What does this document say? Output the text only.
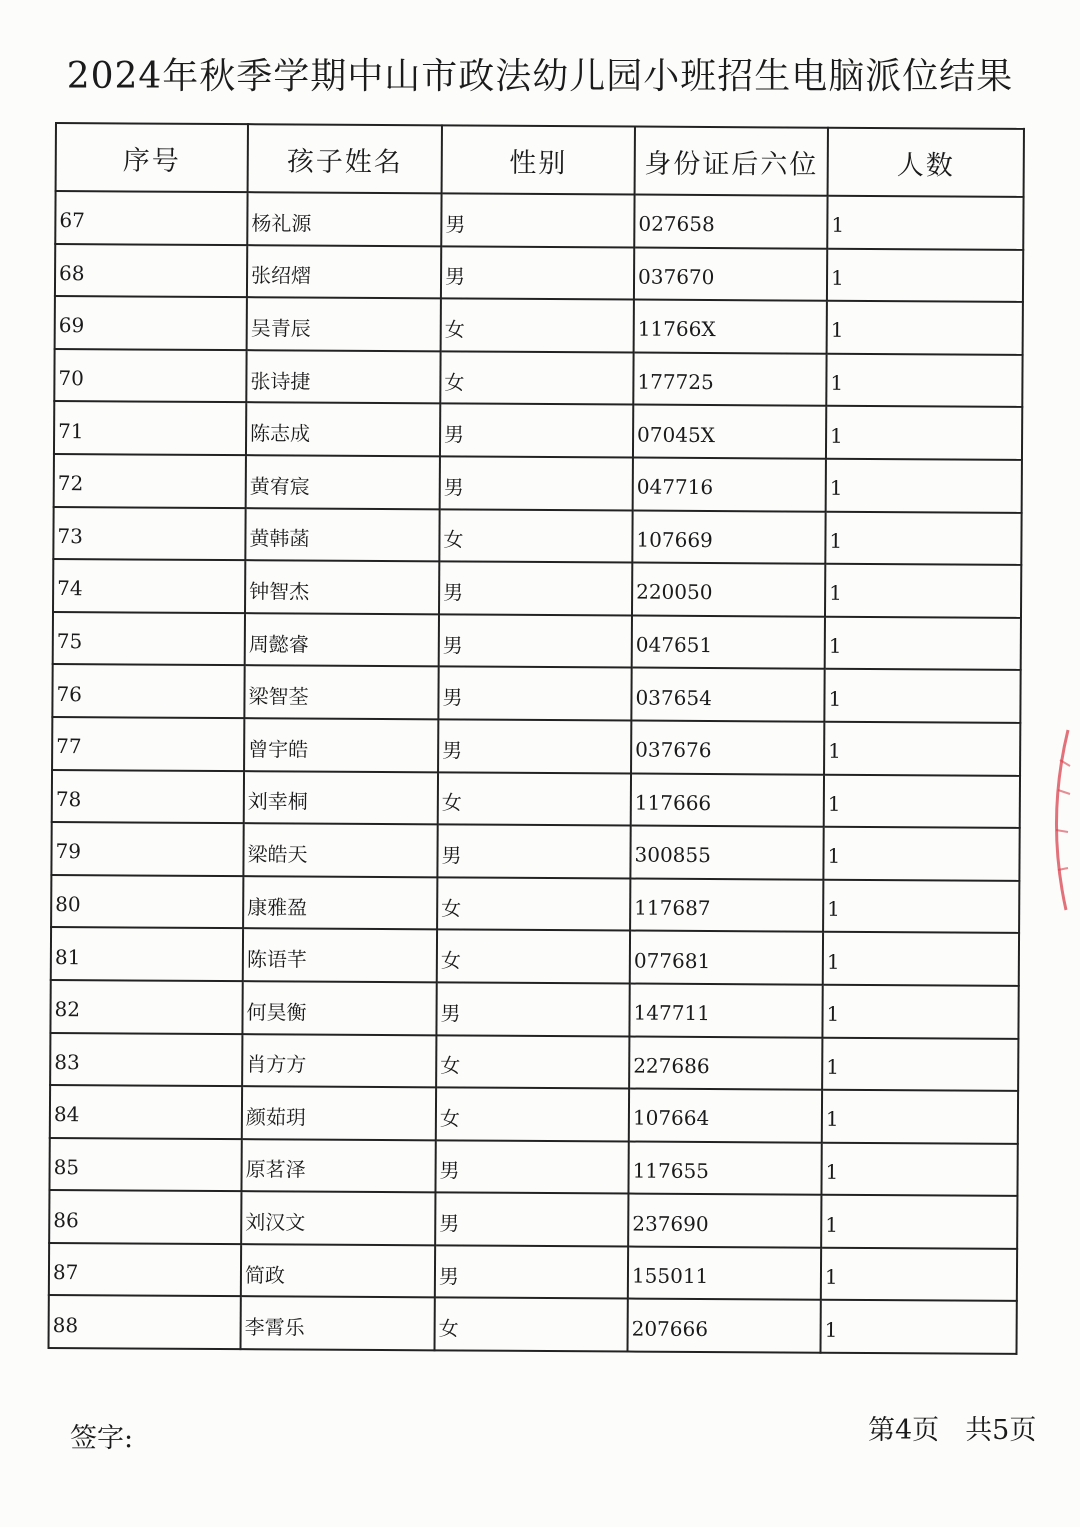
2024年秋季学期中山市政法幼儿园小班招生电脑派位结果
序号	孩子姓名	性别	身份证后六位	人数
67	杨礼源	男	027658	1
68	张绍熠	男	037670	1
69	吴青辰	女	11766X	1
70	张诗捷	女	177725	1
71	陈志成	男	07045X	1
72	黄宥宸	男	047716	1
73	黄韩菡	女	107669	1
74	钟智杰	男	220050	1
75	周懿睿	男	047651	1
76	梁智荃	男	037654	1
77	曾宇皓	男	037676	1
78	刘幸桐	女	117666	1
79	梁皓天	男	300855	1
80	康雅盈	女	117687	1
81	陈语芊	女	077681	1
82	何昊衡	男	147711	1
83	肖方方	女	227686	1
84	颜茹玥	女	107664	1
85	原茗泽	男	117655	1
86	刘汉文	男	237690	1
87	简政	男	155011	1
88	李霄乐	女	207666	1
签字:	第4页 共5页
